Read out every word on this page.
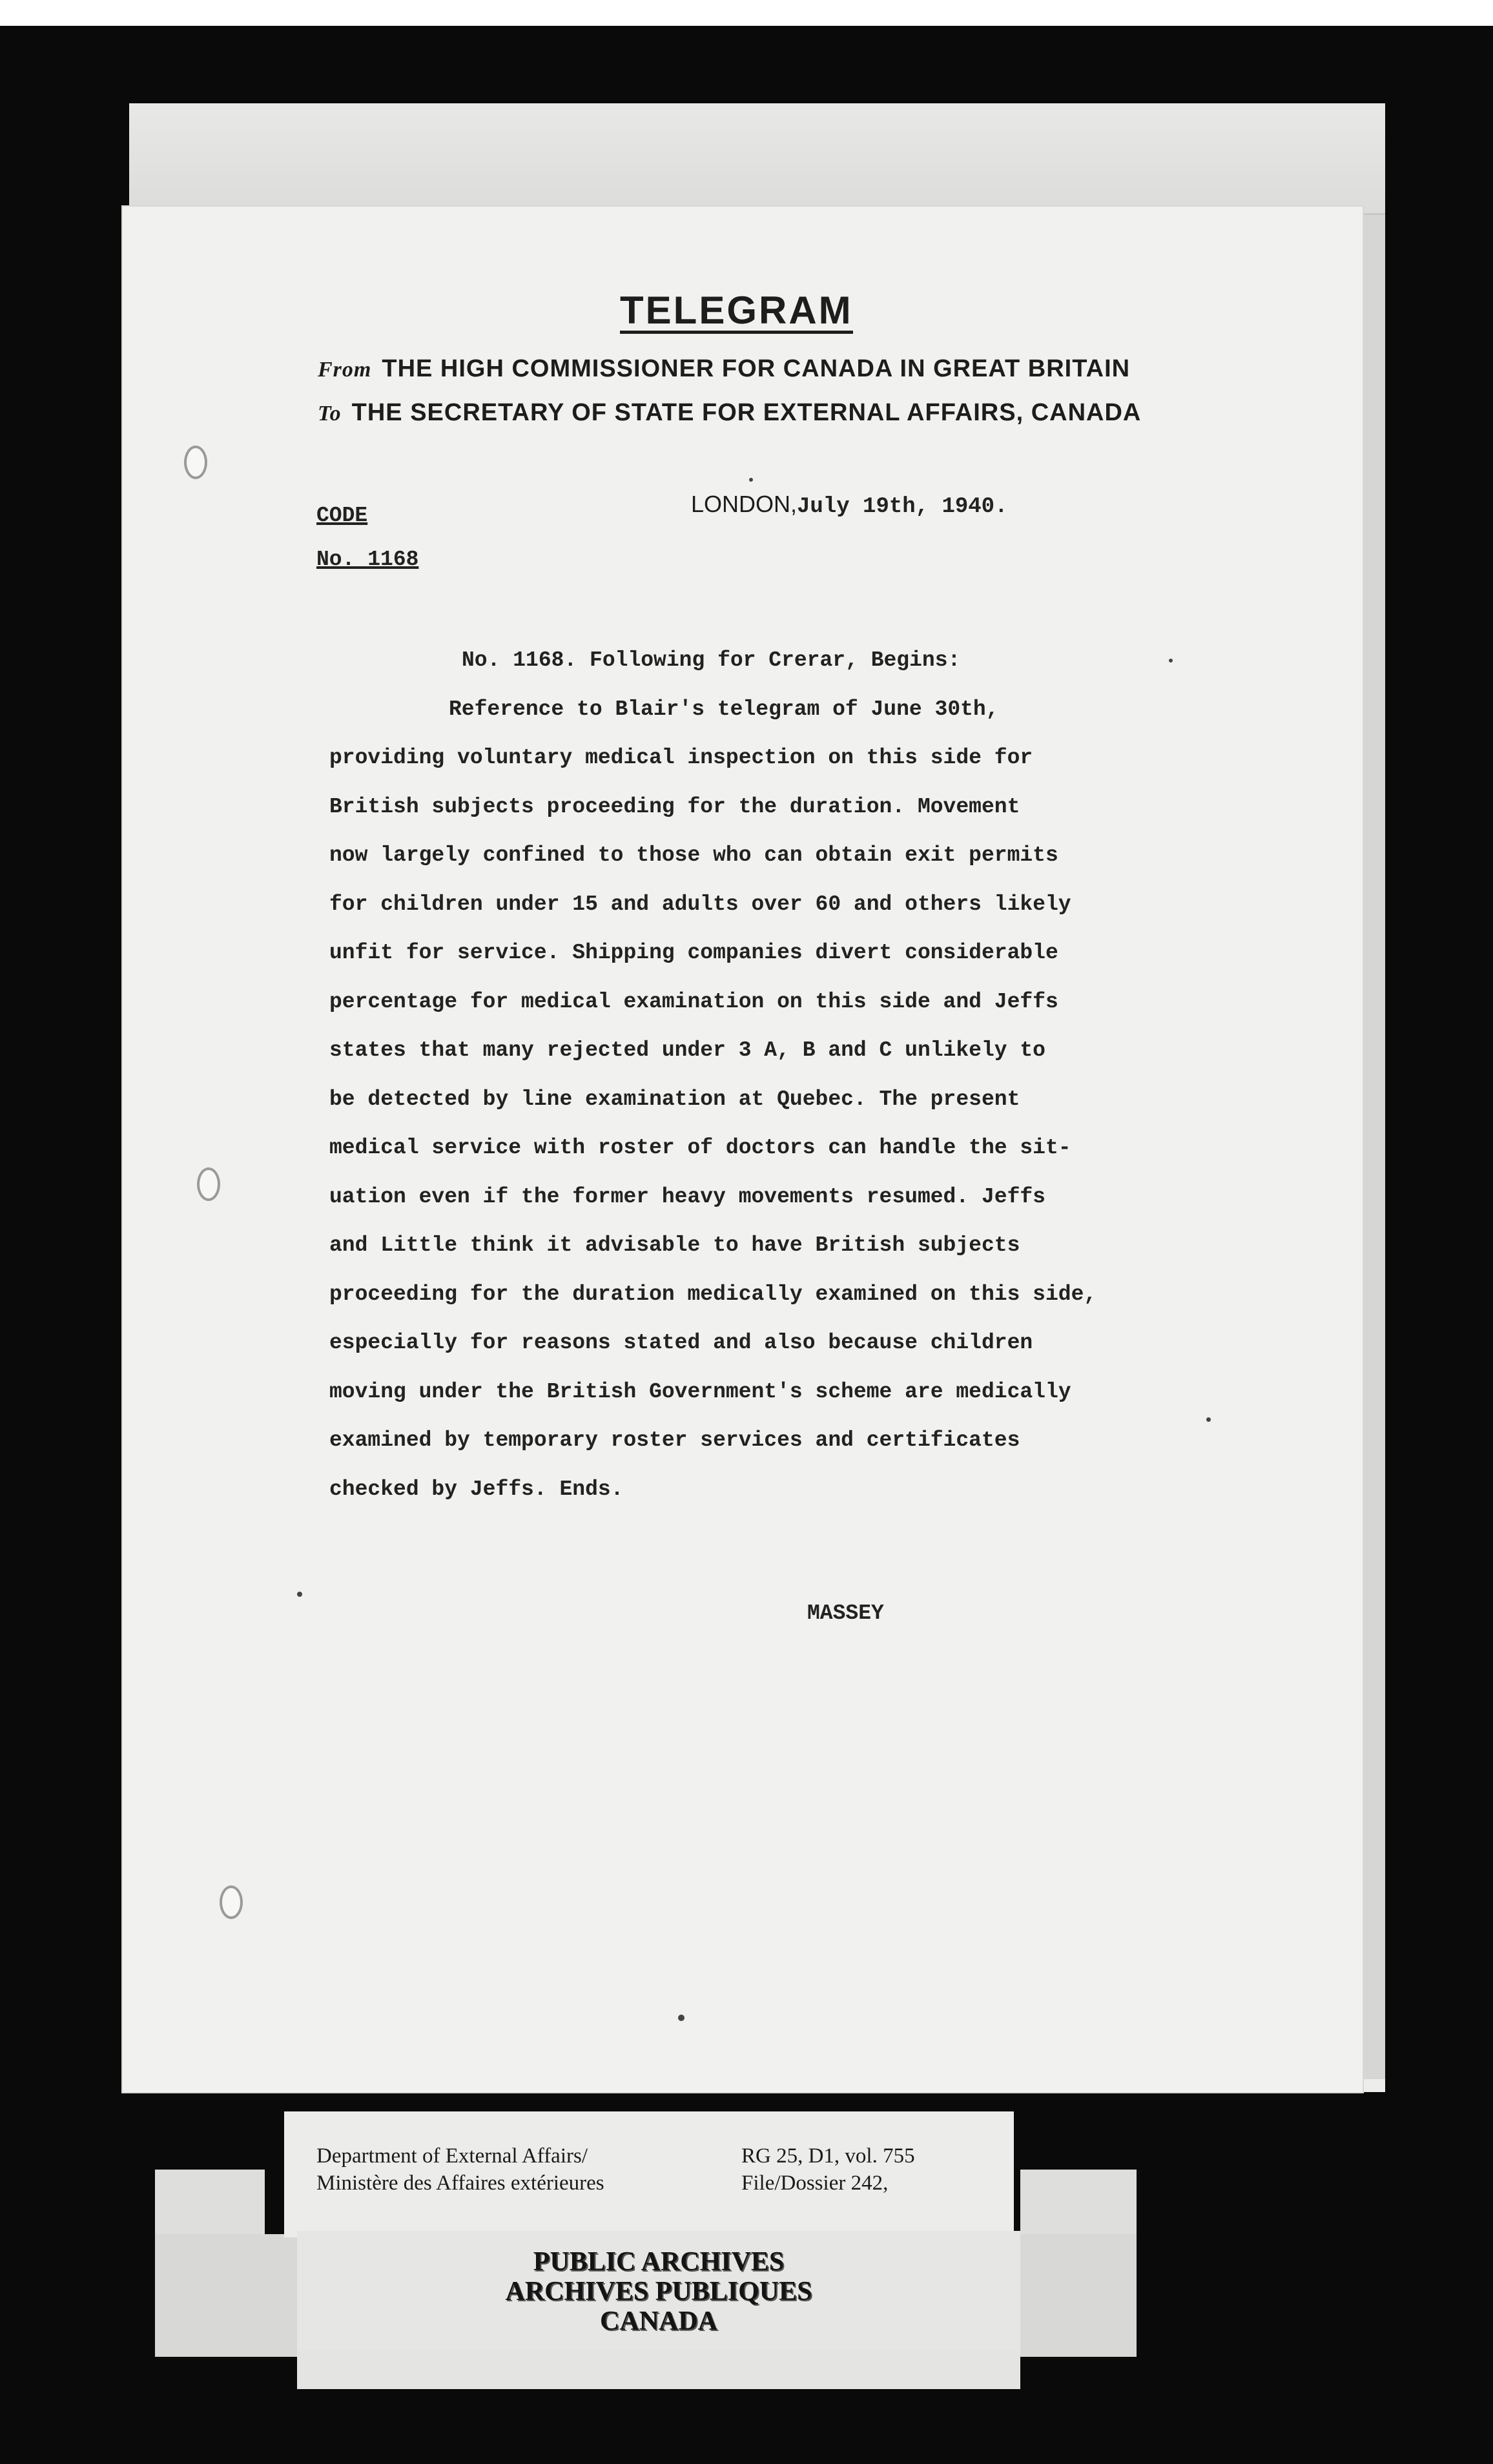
TELEGRAM
From THE HIGH COMMISSIONER FOR CANADA IN GREAT BRITAIN
To THE SECRETARY OF STATE FOR EXTERNAL AFFAIRS, CANADA
LONDON,July 19th, 1940.
CODE
No. 1168
No. 1168. Following for Crerar, Begins:
Reference to Blair's telegram of June 30th,
providing voluntary medical inspection on this side for
British subjects proceeding for the duration. Movement
now largely confined to those who can obtain exit permits
for children under 15 and adults over 60 and others likely
unfit for service. Shipping companies divert considerable
percentage for medical examination on this side and Jeffs
states that many rejected under 3 A, B and C unlikely to
be detected by line examination at Quebec. The present
medical service with roster of doctors can handle the sit-
uation even if the former heavy movements resumed. Jeffs
and Little think it advisable to have British subjects
proceeding for the duration medically examined on this side,
especially for reasons stated and also because children
moving under the British Government's scheme are medically
examined by temporary roster services and certificates
checked by Jeffs. Ends.
MASSEY
Department of External Affairs/
Ministère des Affaires extérieures
RG 25, D1, vol. 755
File/Dossier 242,
PUBLIC ARCHIVES
ARCHIVES PUBLIQUES
CANADA
